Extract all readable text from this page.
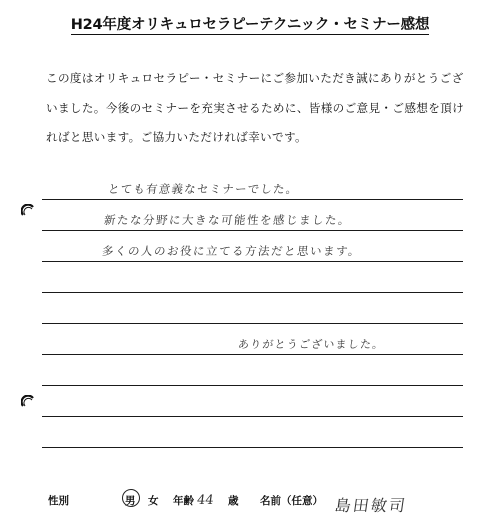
H24年度オリキュロセラピーテクニック・セミナー感想
この度はオリキュロセラピー・セミナーにご参加いただき誠にありがとうござ
いました。今後のセミナーを充実させるために、皆様のご意見・ご感想を頂け
ればと思います。ご協力いただければ幸いです。
とても有意義なセミナーでした。
新たな分野に大きな可能性を感じました。
多くの人のお役に立てる方法だと思います。
ありがとうございました。
性別	男 女 年齢 44 歳 名前（任意） 島田敏司
